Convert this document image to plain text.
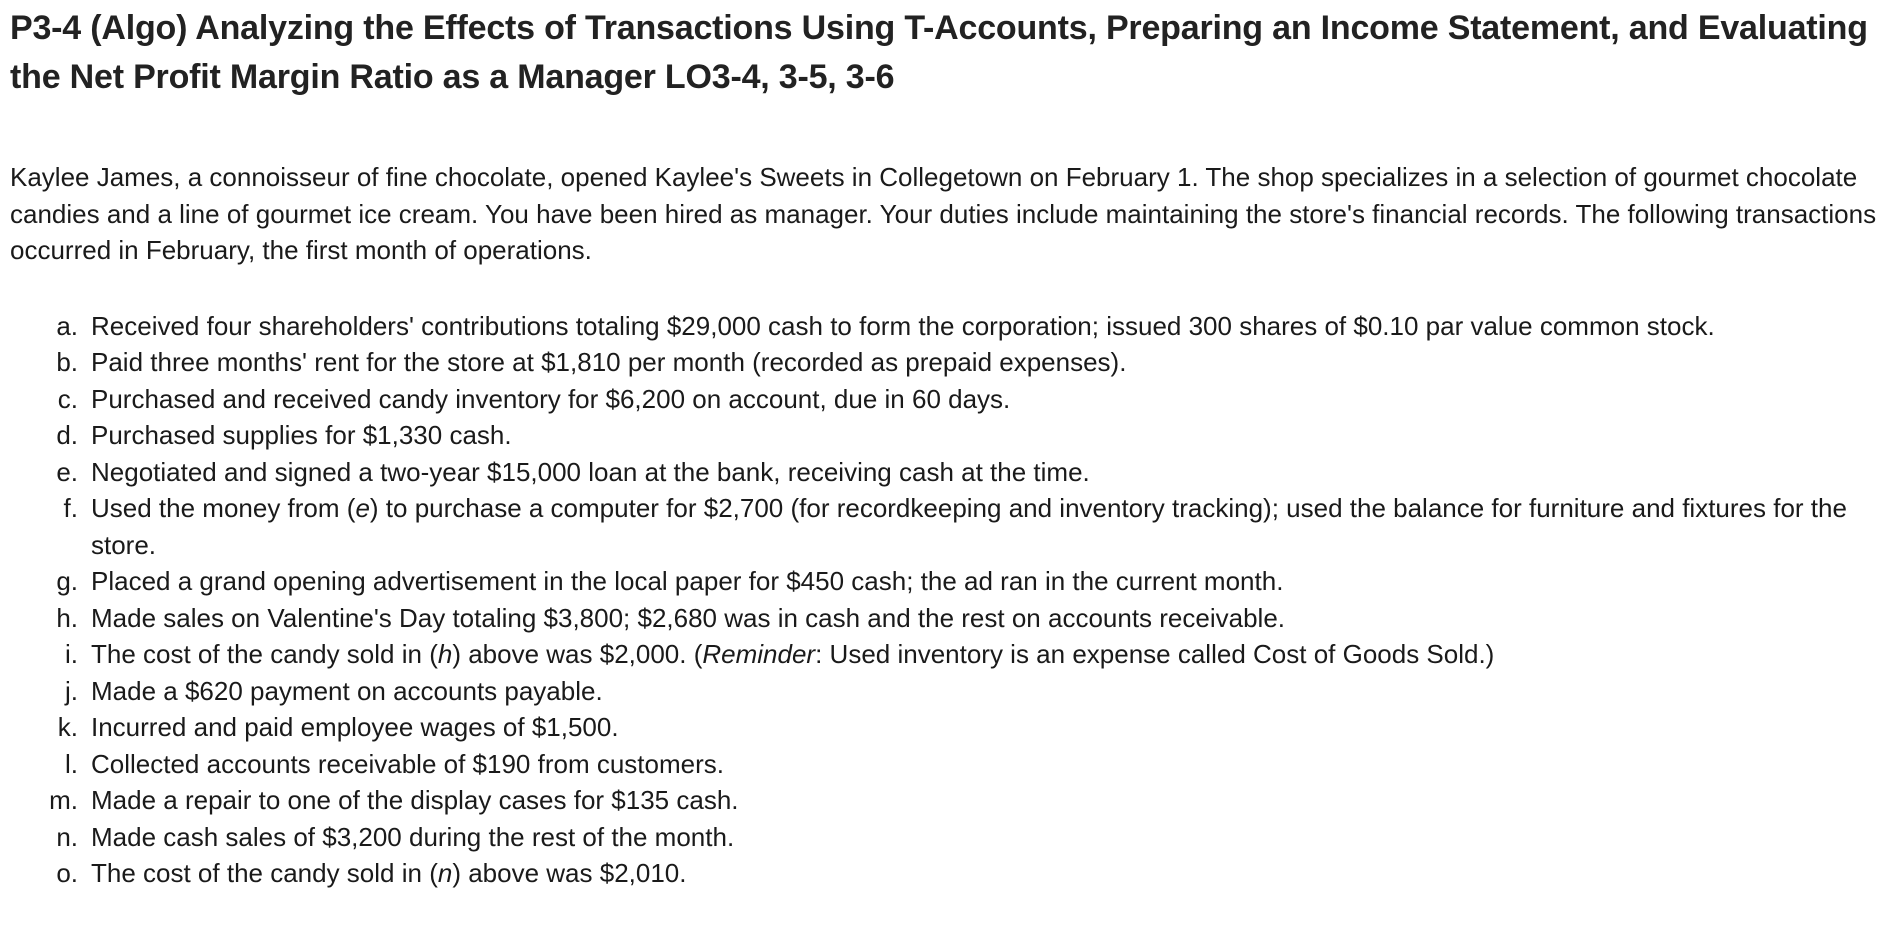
P3-4 (Algo) Analyzing the Effects of Transactions Using T-Accounts, Preparing an Income Statement, and Evaluating the Net Profit Margin Ratio as a Manager LO3-4, 3-5, 3-6

Kaylee James, a connoisseur of fine chocolate, opened Kaylee's Sweets in Collegetown on February 1. The shop specializes in a selection of gourmet chocolate candies and a line of gourmet ice cream. You have been hired as manager. Your duties include maintaining the store's financial records. The following transactions occurred in February, the first month of operations.

a. Received four shareholders' contributions totaling $29,000 cash to form the corporation; issued 300 shares of $0.10 par value common stock.
b. Paid three months' rent for the store at $1,810 per month (recorded as prepaid expenses).
c. Purchased and received candy inventory for $6,200 on account, due in 60 days.
d. Purchased supplies for $1,330 cash.
e. Negotiated and signed a two-year $15,000 loan at the bank, receiving cash at the time.
f. Used the money from (e) to purchase a computer for $2,700 (for recordkeeping and inventory tracking); used the balance for furniture and fixtures for the store.
g. Placed a grand opening advertisement in the local paper for $450 cash; the ad ran in the current month.
h. Made sales on Valentine's Day totaling $3,800; $2,680 was in cash and the rest on accounts receivable.
i. The cost of the candy sold in (h) above was $2,000. (Reminder: Used inventory is an expense called Cost of Goods Sold.)
j. Made a $620 payment on accounts payable.
k. Incurred and paid employee wages of $1,500.
l. Collected accounts receivable of $190 from customers.
m. Made a repair to one of the display cases for $135 cash.
n. Made cash sales of $3,200 during the rest of the month.
o. The cost of the candy sold in (n) above was $2,010.
